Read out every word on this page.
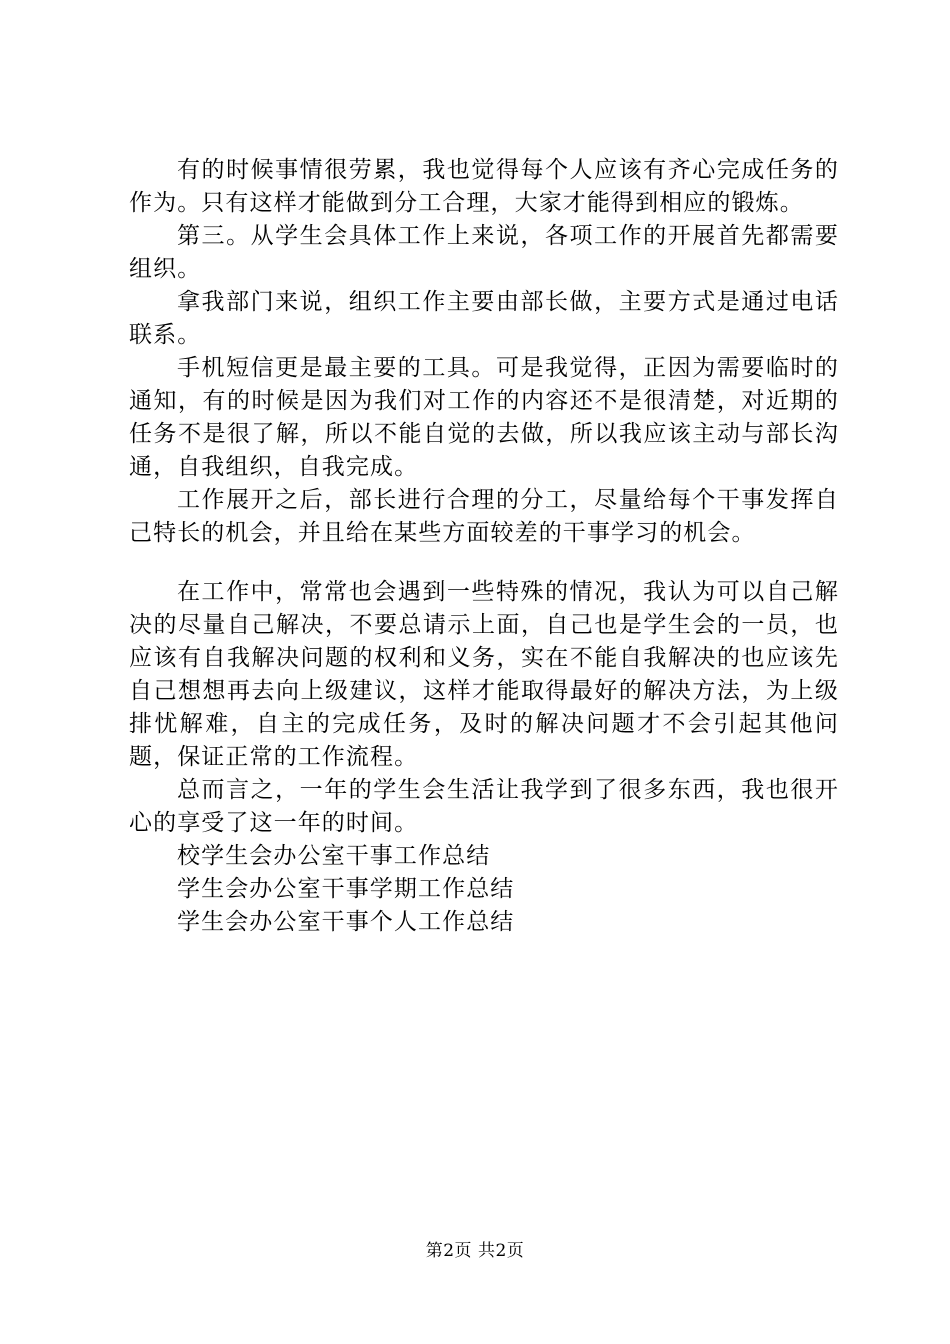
有的时候事情很劳累，我也觉得每个人应该有齐心完成任务的作为。只有这样才能做到分工合理，大家才能得到相应的锻炼。

第三。从学生会具体工作上来说，各项工作的开展首先都需要组织。

拿我部门来说，组织工作主要由部长做，主要方式是通过电话联系。

手机短信更是最主要的工具。可是我觉得，正因为需要临时的通知，有的时候是因为我们对工作的内容还不是很清楚，对近期的任务不是很了解，所以不能自觉的去做，所以我应该主动与部长沟通，自我组织，自我完成。

工作展开之后，部长进行合理的分工，尽量给每个干事发挥自己特长的机会，并且给在某些方面较差的干事学习的机会。

在工作中，常常也会遇到一些特殊的情况，我认为可以自己解决的尽量自己解决，不要总请示上面，自己也是学生会的一员，也应该有自我解决问题的权利和义务，实在不能自我解决的也应该先自己想想再去向上级建议，这样才能取得最好的解决方法，为上级排忧解难，自主的完成任务，及时的解决问题才不会引起其他问题，保证正常的工作流程。

总而言之，一年的学生会生活让我学到了很多东西，我也很开心的享受了这一年的时间。

校学生会办公室干事工作总结

学生会办公室干事学期工作总结

学生会办公室干事个人工作总结

第2页 共2页
